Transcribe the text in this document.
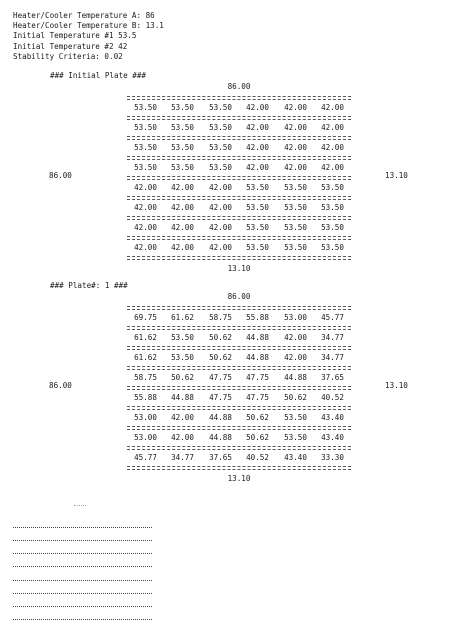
Heater/Cooler Temperature A: 86
Heater/Cooler Temperature B: 13.1
Initial Temperature #1 53.5
Initial Temperature #2 42
Stability Criteria: 0.02
### Initial Plate ###
86.00
53.50	53.50	53.50	42.00	42.00	42.00
53.50	53.50	53.50	42.00	42.00	42.00
53.50	53.50	53.50	42.00	42.00	42.00
53.50	53.50	53.50	42.00	42.00	42.00
42.00	42.00	42.00	53.50	53.50	53.50
42.00	42.00	42.00	53.50	53.50	53.50
42.00	42.00	42.00	53.50	53.50	53.50
42.00	42.00	42.00	53.50	53.50	53.50
13.10
86.00	13.10
### Plate#: 1 ###
86.00
69.75	61.62	58.75	55.88	53.00	45.77
61.62	53.50	50.62	44.88	42.00	34.77
61.62	53.50	50.62	44.88	42.00	34.77
58.75	50.62	47.75	47.75	44.88	37.65
55.88	44.88	47.75	47.75	50.62	40.52
53.00	42.00	44.88	50.62	53.50	43.40
53.00	42.00	44.88	50.62	53.50	43.40
45.77	34.77	37.65	40.52	43.40	33.30
13.10
86.00	13.10
